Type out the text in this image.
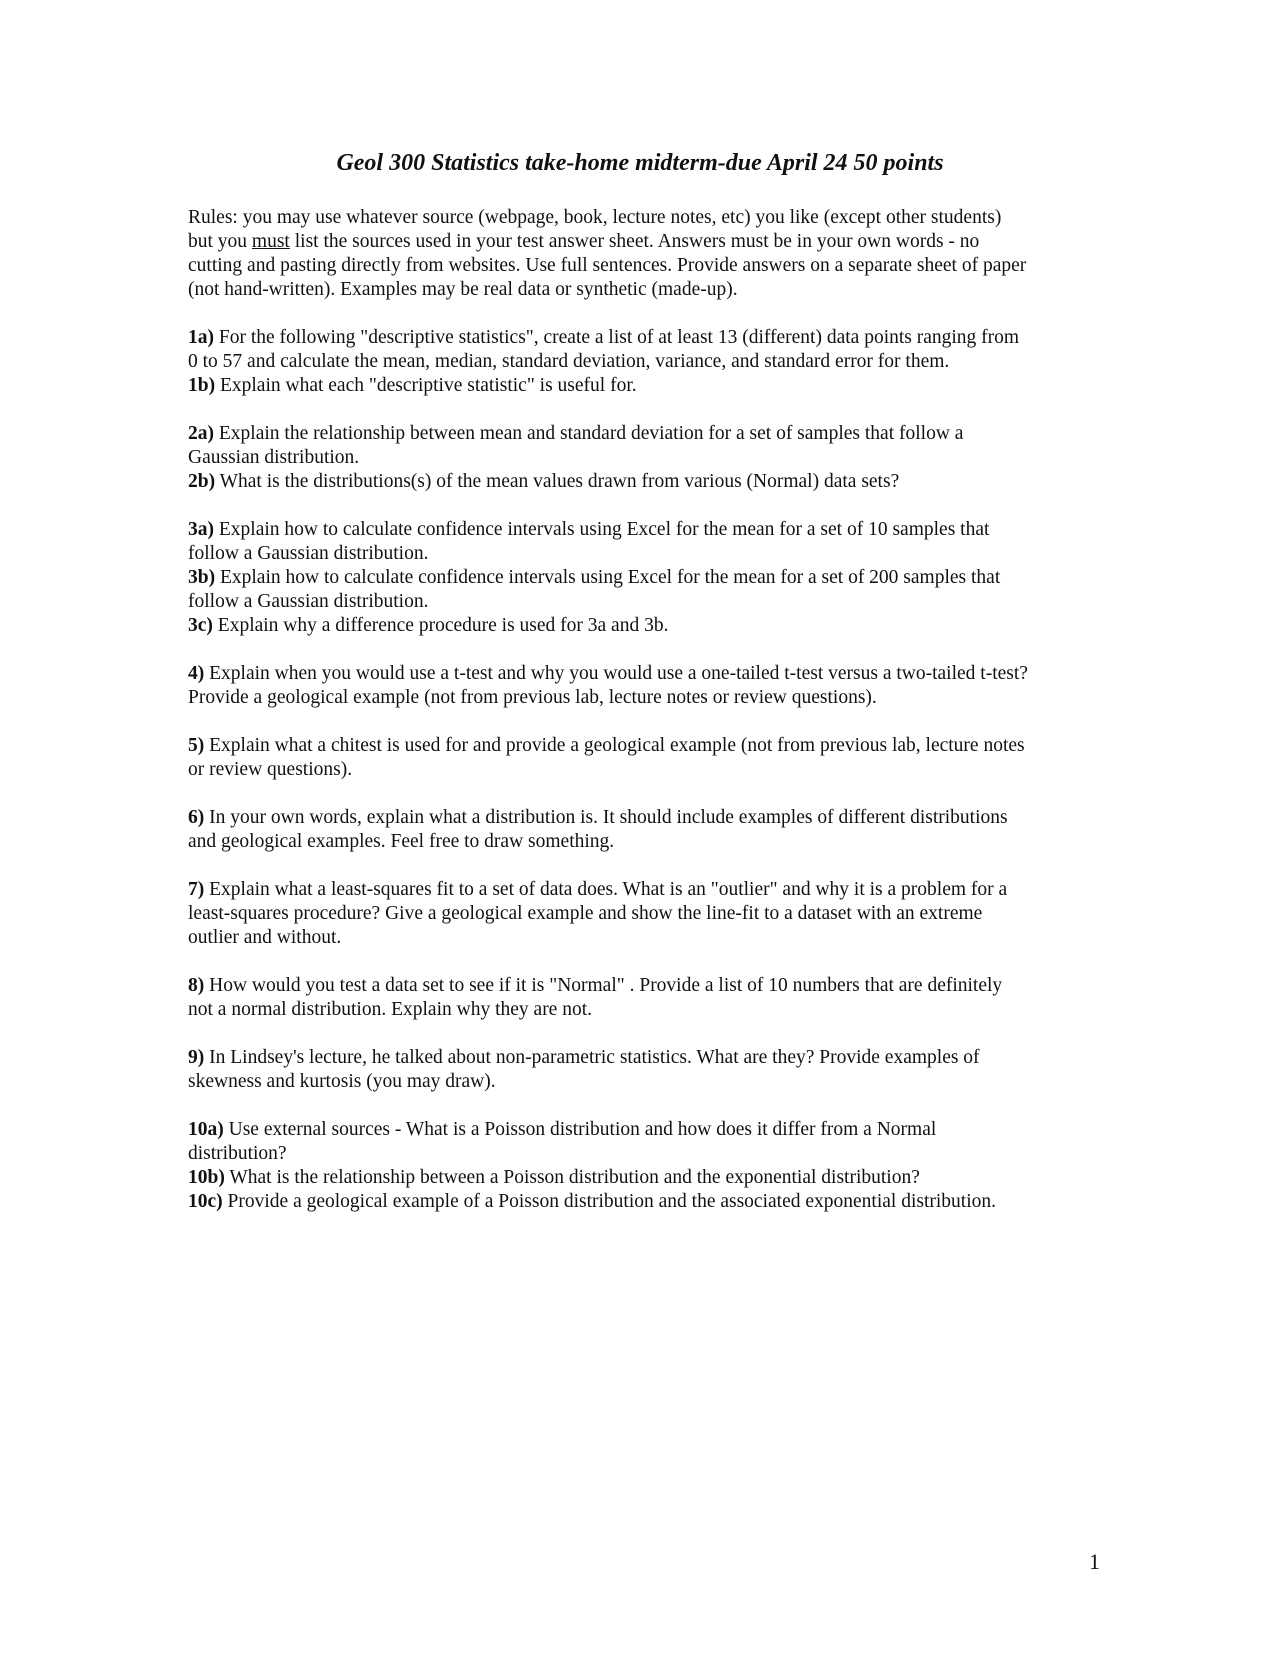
Geol 300 Statistics take-home midterm-due April 24 50 points

Rules: you may use whatever source (webpage, book, lecture notes, etc) you like (except other students)
but you must list the sources used in your test answer sheet. Answers must be in your own words - no
cutting and pasting directly from websites. Use full sentences. Provide answers on a separate sheet of paper
(not hand-written). Examples may be real data or synthetic (made-up).

1a) For the following "descriptive statistics", create a list of at least 13 (different) data points ranging from
0 to 57 and calculate the mean, median, standard deviation, variance, and standard error for them.
1b) Explain what each "descriptive statistic" is useful for.

2a) Explain the relationship between mean and standard deviation for a set of samples that follow a
Gaussian distribution.
2b) What is the distributions(s) of the mean values drawn from various (Normal) data sets?

3a) Explain how to calculate confidence intervals using Excel for the mean for a set of 10 samples that
follow a Gaussian distribution.
3b) Explain how to calculate confidence intervals using Excel for the mean for a set of 200 samples that
follow a Gaussian distribution.
3c) Explain why a difference procedure is used for 3a and 3b.

4) Explain when you would use a t-test and why you would use a one-tailed t-test versus a two-tailed t-test?
Provide a geological example (not from previous lab, lecture notes or review questions).

5) Explain what a chitest is used for and provide a geological example (not from previous lab, lecture notes
or review questions).

6) In your own words, explain what a distribution is. It should include examples of different distributions
and geological examples. Feel free to draw something.

7) Explain what a least-squares fit to a set of data does. What is an "outlier" and why it is a problem for a
least-squares procedure? Give a geological example and show the line-fit to a dataset with an extreme
outlier and without.

8) How would you test a data set to see if it is "Normal" . Provide a list of 10 numbers that are definitely
not a normal distribution. Explain why they are not.

9) In Lindsey's lecture, he talked about non-parametric statistics. What are they? Provide examples of
skewness and kurtosis (you may draw).

10a) Use external sources - What is a Poisson distribution and how does it differ from a Normal
distribution?
10b) What is the relationship between a Poisson distribution and the exponential distribution?
10c) Provide a geological example of a Poisson distribution and the associated exponential distribution.

1
